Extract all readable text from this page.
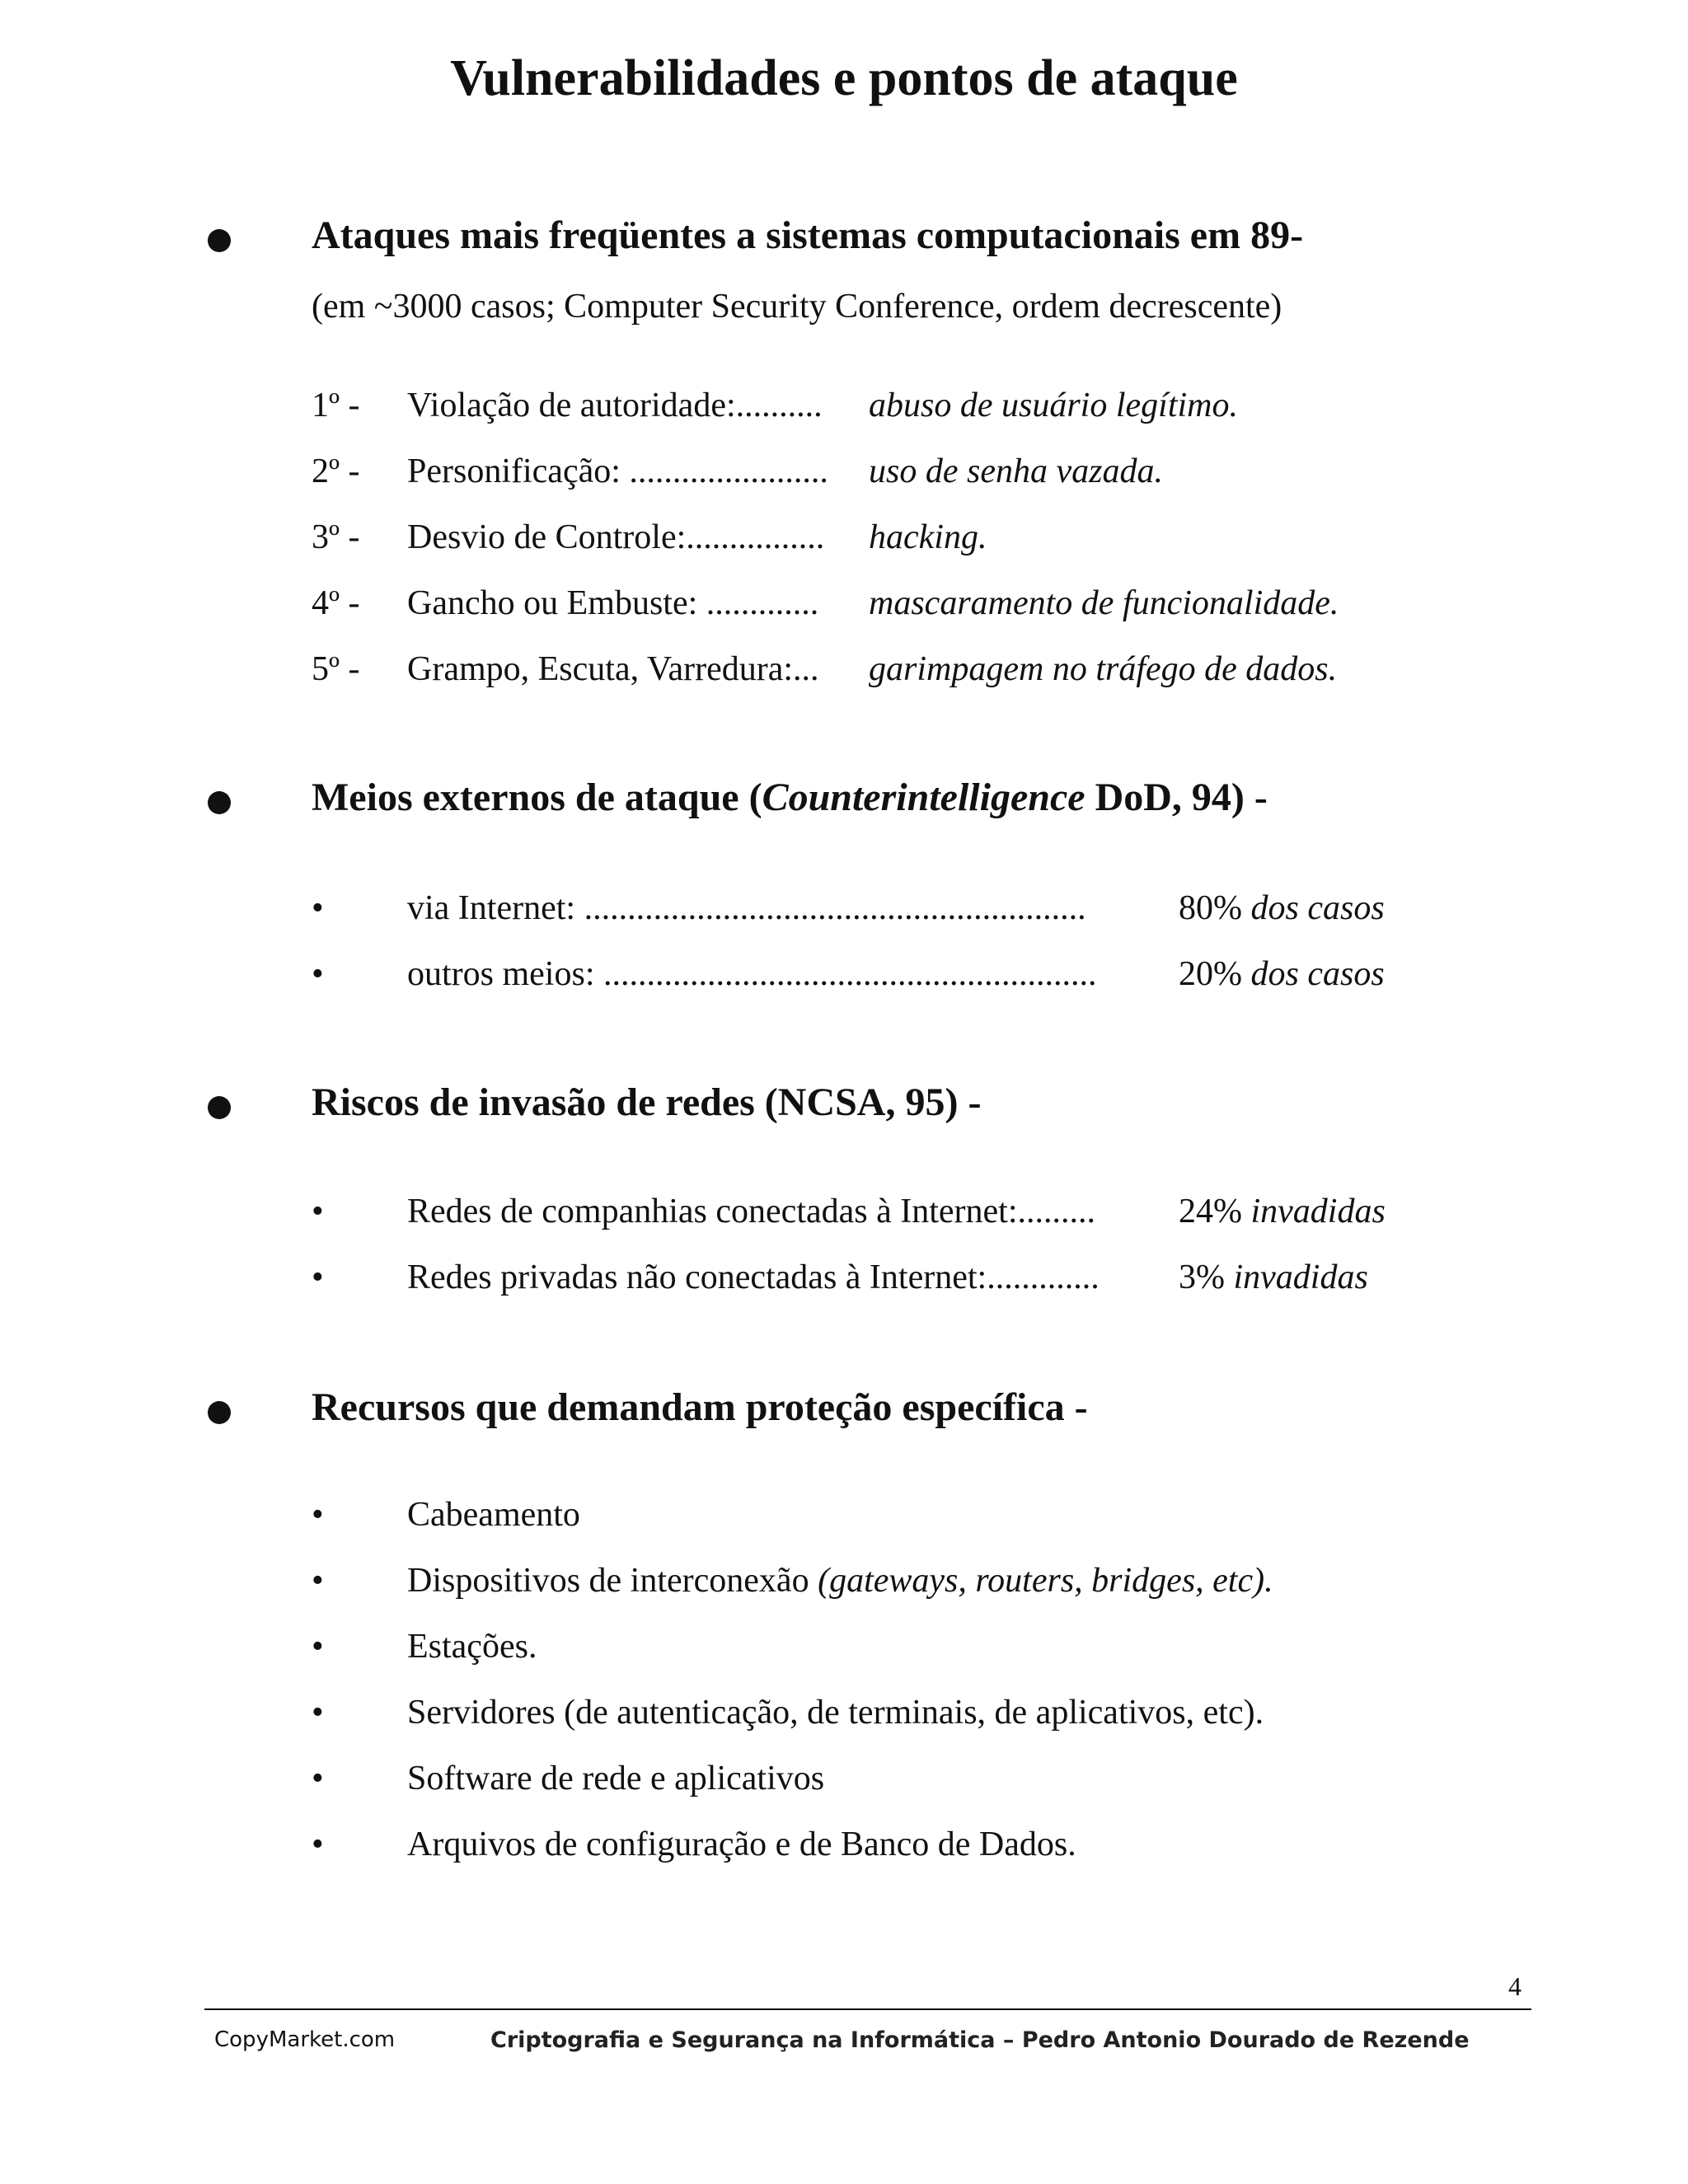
Vulnerabilidades e pontos de ataque
Ataques mais freqüentes a sistemas computacionais em 89-
(em ~3000 casos; Computer Security Conference, ordem decrescente)
1º - Violação de autoridade:.......... abuso de usuário legítimo.
2º - Personificação: ....................... uso de senha vazada.
3º - Desvio de Controle:................ hacking.
4º - Gancho ou Embuste: ............. mascaramento de funcionalidade.
5º - Grampo, Escuta, Varredura:... garimpagem no tráfego de dados.
Meios externos de ataque (Counterintelligence DoD, 94) -
• via Internet: ..........................................................	80% dos casos
• outros meios: ......................................................... 20% dos casos
Riscos de invasão de redes (NCSA, 95) -
• Redes de companhias conectadas à Internet:......... 24% invadidas
• Redes privadas não conectadas à Internet:............. 3% invadidas
Recursos que demandam proteção específica -
• Cabeamento
• Dispositivos de interconexão (gateways, routers, bridges, etc).
• Estações.
• Servidores (de autenticação, de terminais, de aplicativos, etc).
• Software de rede e aplicativos
• Arquivos de configuração e de Banco de Dados.
4
CopyMarket.com	Criptografia e Segurança na Informática – Pedro Antonio Dourado de Rezende
